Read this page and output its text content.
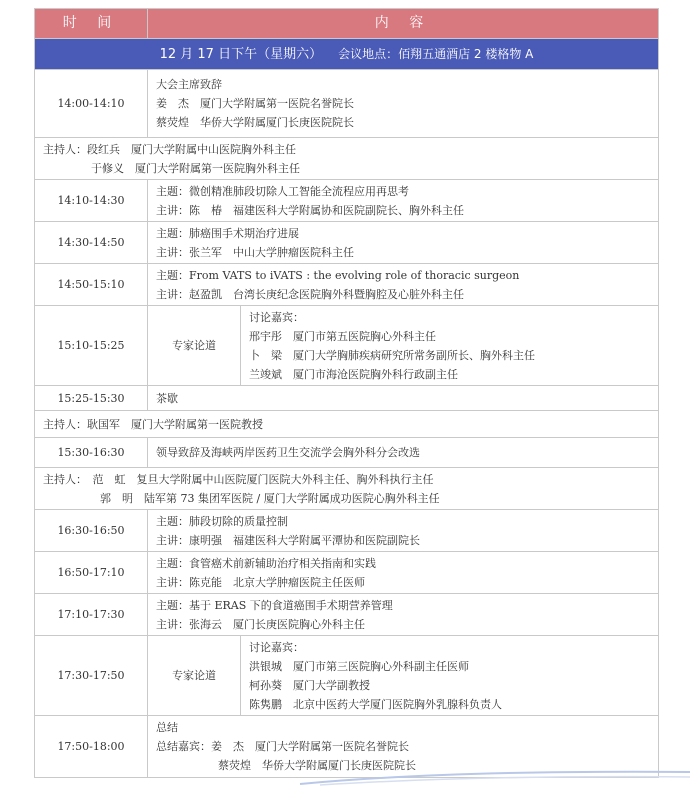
时 间	内 容	
12 月 17 日下午（星期六） 会议地点：佰翔五通酒店 2 楼格物 A		
14:00-14:10	大会主席致辞
姜　杰　厦门大学附属第一医院名誉院长
蔡荧煌　华侨大学附属厦门长庚医院院长	

主持人：段红兵　厦门大学附属中山医院胸外科主任
于修义　厦门大学附属第一医院胸外科主任		

14:10-14:30	主题：微创精准肺段切除人工智能全流程应用再思考
主讲：陈　椿　福建医科大学附属协和医院副院长、胸外科主任	

14:30-14:50	主题：肺癌围手术期治疗进展
主讲：张兰军　中山大学肿瘤医院科主任	

14:50-15:10	主题：From VATS to iVATS : the evolving role of thoracic surgeon
主讲：赵盈凯　台湾长庚纪念医院胸外科暨胸腔及心脏外科主任	

15:10-15:25	专家论道	讨论嘉宾：
邢宇彤　厦门市第五医院胸心外科主任
卜　梁　厦门大学胸肺疾病研究所常务副所长、胸外科主任
兰竣斌　厦门市海沧医院胸外科行政副主任

15:25-15:30	茶歇	

主持人：耿国军　厦门大学附属第一医院教授		

15:30-16:30	领导致辞及海峡两岸医药卫生交流学会胸外科分会改选	

主持人：　范　虹　复旦大学附属中山医院厦门医院大外科主任、胸外科执行主任
郭　明　陆军第 73 集团军医院 / 厦门大学附属成功医院心胸外科主任		

16:30-16:50	主题：肺段切除的质量控制
主讲：康明强　福建医科大学附属平潭协和医院副院长	

16:50-17:10	主题：食管癌术前新辅助治疗相关指南和实践
主讲：陈克能　北京大学肿瘤医院主任医师	

17:10-17:30	主题：基于 ERAS 下的食道癌围手术期营养管理
主讲：张海云　厦门长庚医院胸心外科主任	

17:30-17:50	专家论道	讨论嘉宾：
洪银城　厦门市第三医院胸心外科副主任医师
柯孙葵　厦门大学副教授
陈隽鹏　北京中医药大学厦门医院胸外乳腺科负责人

17:50-18:00	总结
总结嘉宾：姜　杰　厦门大学附属第一医院名誉院长
蔡荧煌　华侨大学附属厦门长庚医院院长	
